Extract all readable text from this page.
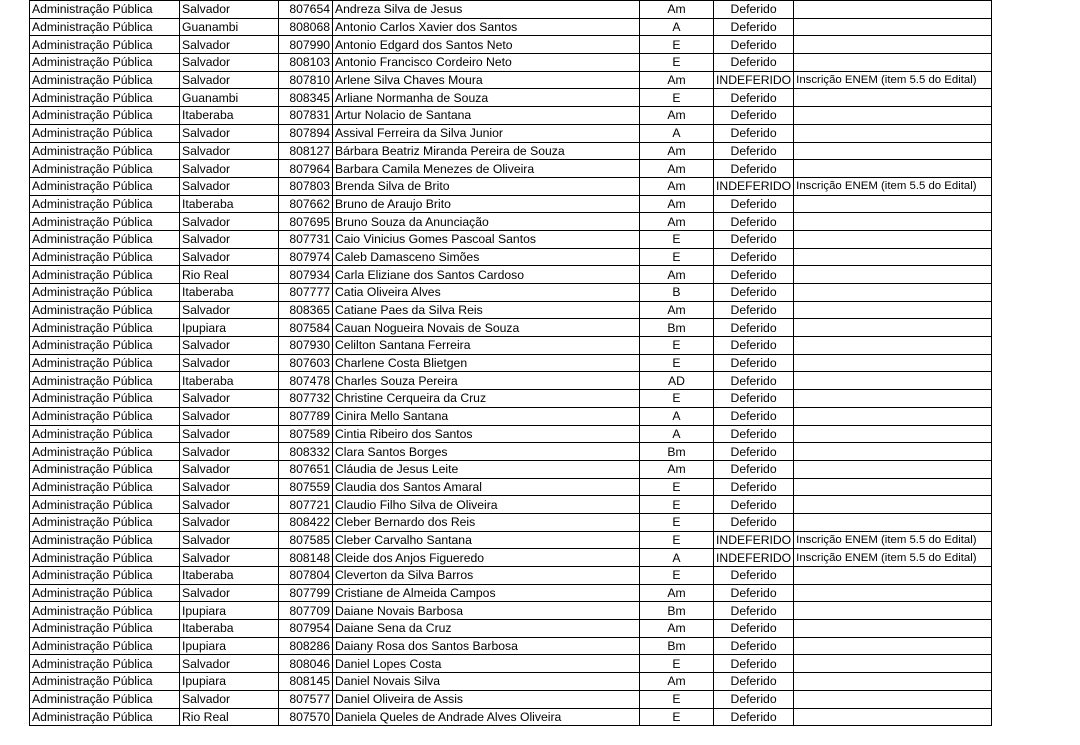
Administração Pública	Salvador	807654	Andreza Silva de Jesus	Am	Deferido	
Administração Pública	Guanambi	808068	Antonio Carlos Xavier dos Santos	A	Deferido	
Administração Pública	Salvador	807990	Antonio Edgard dos Santos Neto	E	Deferido	
Administração Pública	Salvador	808103	Antonio Francisco Cordeiro Neto	E	Deferido	
Administração Pública	Salvador	807810	Arlene Silva Chaves Moura	Am	INDEFERIDO	Inscrição ENEM (item 5.5 do Edital)
Administração Pública	Guanambi	808345	Arliane Normanha de Souza	E	Deferido	
Administração Pública	Itaberaba	807831	Artur Nolacio de Santana	Am	Deferido	
Administração Pública	Salvador	807894	Assival Ferreira da Silva Junior	A	Deferido	
Administração Pública	Salvador	808127	Bárbara Beatriz Miranda Pereira de Souza	Am	Deferido	
Administração Pública	Salvador	807964	Barbara Camila Menezes de Oliveira	Am	Deferido	
Administração Pública	Salvador	807803	Brenda Silva de Brito	Am	INDEFERIDO	Inscrição ENEM (item 5.5 do Edital)
Administração Pública	Itaberaba	807662	Bruno de Araujo Brito	Am	Deferido	
Administração Pública	Salvador	807695	Bruno Souza da Anunciação	Am	Deferido	
Administração Pública	Salvador	807731	Caio Vinicius Gomes Pascoal Santos	E	Deferido	
Administração Pública	Salvador	807974	Caleb Damasceno Simões	E	Deferido	
Administração Pública	Rio Real	807934	Carla Eliziane dos Santos Cardoso	Am	Deferido	
Administração Pública	Itaberaba	807777	Catia Oliveira Alves	B	Deferido	
Administração Pública	Salvador	808365	Catiane Paes da Silva Reis	Am	Deferido	
Administração Pública	Ipupiara	807584	Cauan Nogueira Novais de Souza	Bm	Deferido	
Administração Pública	Salvador	807930	Celilton Santana Ferreira	E	Deferido	
Administração Pública	Salvador	807603	Charlene Costa Blietgen	E	Deferido	
Administração Pública	Itaberaba	807478	Charles Souza Pereira	AD	Deferido	
Administração Pública	Salvador	807732	Christine Cerqueira da Cruz	E	Deferido	
Administração Pública	Salvador	807789	Cinira Mello Santana	A	Deferido	
Administração Pública	Salvador	807589	Cintia Ribeiro dos Santos	A	Deferido	
Administração Pública	Salvador	808332	Clara Santos Borges	Bm	Deferido	
Administração Pública	Salvador	807651	Cláudia de Jesus Leite	Am	Deferido	
Administração Pública	Salvador	807559	Claudia dos Santos Amaral	E	Deferido	
Administração Pública	Salvador	807721	Claudio Filho Silva de Oliveira	E	Deferido	
Administração Pública	Salvador	808422	Cleber Bernardo dos Reis	E	Deferido	
Administração Pública	Salvador	807585	Cleber Carvalho Santana	E	INDEFERIDO	Inscrição ENEM (item 5.5 do Edital)
Administração Pública	Salvador	808148	Cleide dos Anjos Figueredo	A	INDEFERIDO	Inscrição ENEM (item 5.5 do Edital)
Administração Pública	Itaberaba	807804	Cleverton da Silva Barros	E	Deferido	
Administração Pública	Salvador	807799	Cristiane de Almeida Campos	Am	Deferido	
Administração Pública	Ipupiara	807709	Daiane Novais Barbosa	Bm	Deferido	
Administração Pública	Itaberaba	807954	Daiane Sena da Cruz	Am	Deferido	
Administração Pública	Ipupiara	808286	Daiany Rosa dos Santos Barbosa	Bm	Deferido	
Administração Pública	Salvador	808046	Daniel Lopes Costa	E	Deferido	
Administração Pública	Ipupiara	808145	Daniel Novais Silva	Am	Deferido	
Administração Pública	Salvador	807577	Daniel Oliveira de Assis	E	Deferido	
Administração Pública	Rio Real	807570	Daniela Queles de Andrade Alves Oliveira	E	Deferido	
